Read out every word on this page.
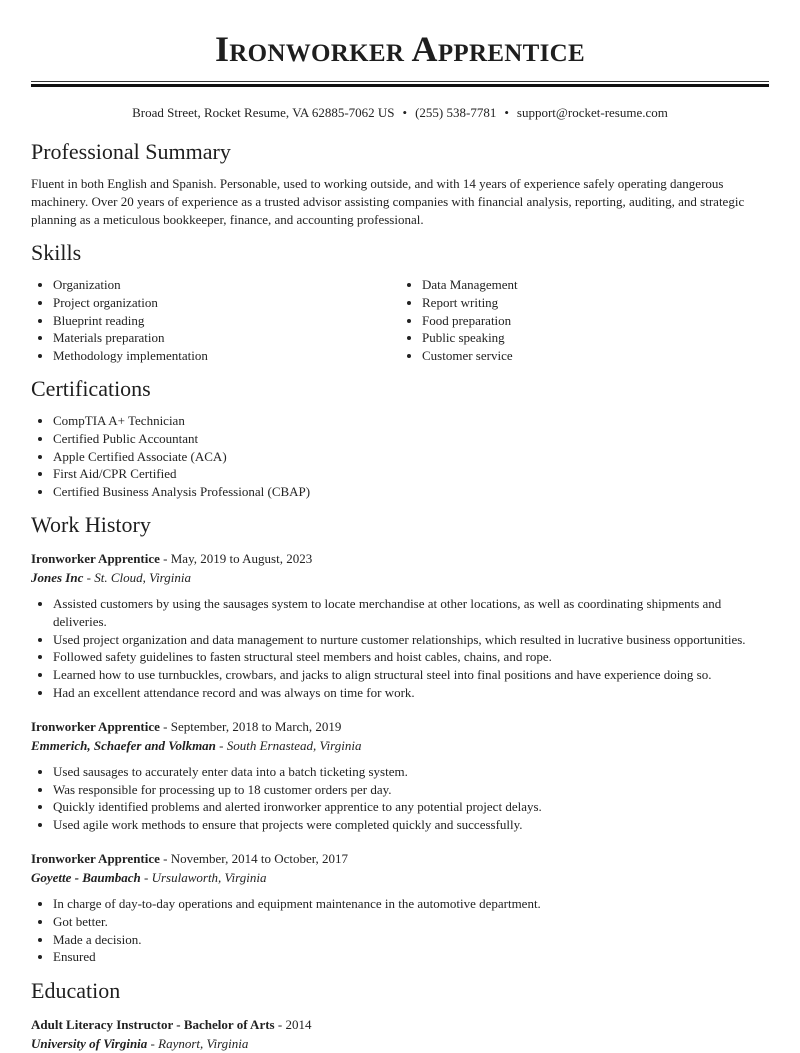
Ironworker Apprentice
Broad Street, Rocket Resume, VA 62885-7062 US • (255) 538-7781 • support@rocket-resume.com
Professional Summary
Fluent in both English and Spanish. Personable, used to working outside, and with 14 years of experience safely operating dangerous machinery. Over 20 years of experience as a trusted advisor assisting companies with financial analysis, reporting, auditing, and strategic planning as a meticulous bookkeeper, finance, and accounting professional.
Skills
• Organization
• Project organization
• Blueprint reading
• Materials preparation
• Methodology implementation
• Data Management
• Report writing
• Food preparation
• Public speaking
• Customer service
Certifications
• CompTIA A+ Technician
• Certified Public Accountant
• Apple Certified Associate (ACA)
• First Aid/CPR Certified
• Certified Business Analysis Professional (CBAP)
Work History
Ironworker Apprentice - May, 2019 to August, 2023
Jones Inc - St. Cloud, Virginia
• Assisted customers by using the sausages system to locate merchandise at other locations, as well as coordinating shipments and deliveries.
• Used project organization and data management to nurture customer relationships, which resulted in lucrative business opportunities.
• Followed safety guidelines to fasten structural steel members and hoist cables, chains, and rope.
• Learned how to use turnbuckles, crowbars, and jacks to align structural steel into final positions and have experience doing so.
• Had an excellent attendance record and was always on time for work.
Ironworker Apprentice - September, 2018 to March, 2019
Emmerich, Schaefer and Volkman - South Ernastead, Virginia
• Used sausages to accurately enter data into a batch ticketing system.
• Was responsible for processing up to 18 customer orders per day.
• Quickly identified problems and alerted ironworker apprentice to any potential project delays.
• Used agile work methods to ensure that projects were completed quickly and successfully.
Ironworker Apprentice - November, 2014 to October, 2017
Goyette - Baumbach - Ursulaworth, Virginia
• In charge of day-to-day operations and equipment maintenance in the automotive department.
• Got better.
• Made a decision.
• Ensured
Education
Adult Literacy Instructor - Bachelor of Arts - 2014
University of Virginia - Raynort, Virginia
